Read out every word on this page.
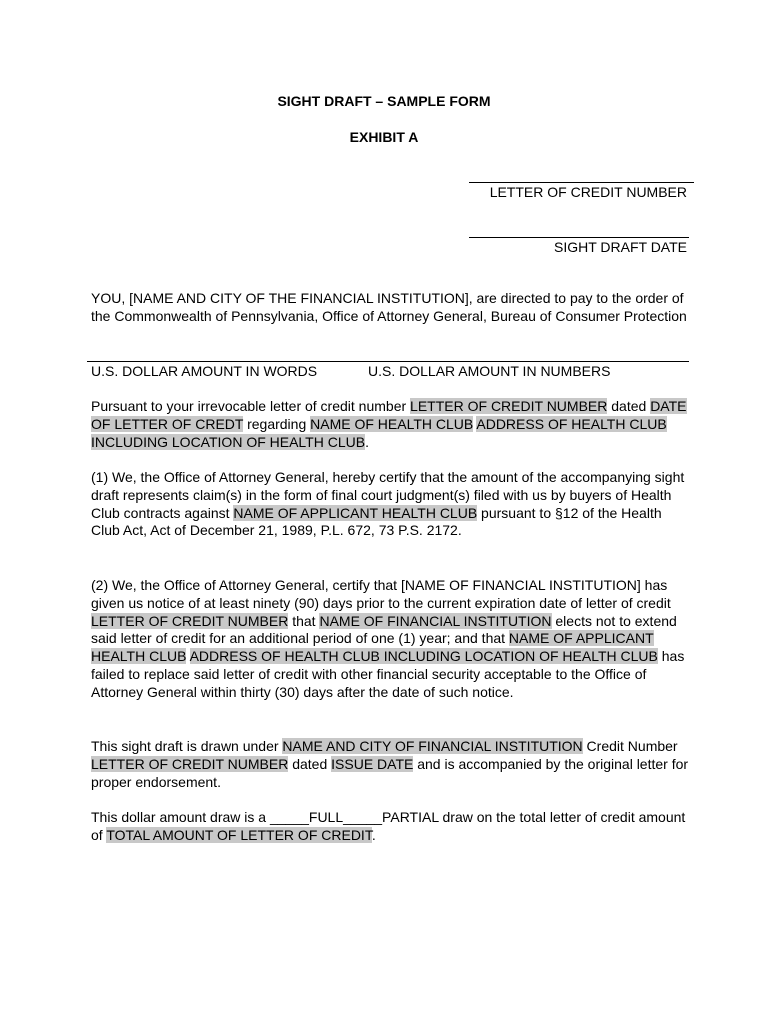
SIGHT DRAFT – SAMPLE FORM
EXHIBIT A
LETTER OF CREDIT NUMBER
SIGHT DRAFT DATE
YOU, [NAME AND CITY OF THE FINANCIAL INSTITUTION], are directed to pay to the order of the Commonwealth of Pennsylvania, Office of Attorney General, Bureau of Consumer Protection
U.S. DOLLAR AMOUNT IN WORDS	U.S. DOLLAR AMOUNT IN NUMBERS
Pursuant to your irrevocable letter of credit number LETTER OF CREDIT NUMBER dated DATE OF LETTER OF CREDT regarding NAME OF HEALTH CLUB ADDRESS OF HEALTH CLUB INCLUDING LOCATION OF HEALTH CLUB.
(1) We, the Office of Attorney General, hereby certify that the amount of the accompanying sight draft represents claim(s) in the form of final court judgment(s) filed with us by buyers of Health Club contracts against NAME OF APPLICANT HEALTH CLUB pursuant to §12 of the Health Club Act, Act of December 21, 1989, P.L. 672, 73 P.S. 2172.
(2) We, the Office of Attorney General, certify that [NAME OF FINANCIAL INSTITUTION] has given us notice of at least ninety (90) days prior to the current expiration date of letter of credit LETTER OF CREDIT NUMBER that NAME OF FINANCIAL INSTITUTION elects not to extend said letter of credit for an additional period of one (1) year; and that NAME OF APPLICANT HEALTH CLUB ADDRESS OF HEALTH CLUB INCLUDING LOCATION OF HEALTH CLUB has failed to replace said letter of credit with other financial security acceptable to the Office of Attorney General within thirty (30) days after the date of such notice.
This sight draft is drawn under NAME AND CITY OF FINANCIAL INSTITUTION Credit Number LETTER OF CREDIT NUMBER dated ISSUE DATE and is accompanied by the original letter for proper endorsement.
This dollar amount draw is a _____FULL_____PARTIAL draw on the total letter of credit amount of TOTAL AMOUNT OF LETTER OF CREDIT.
